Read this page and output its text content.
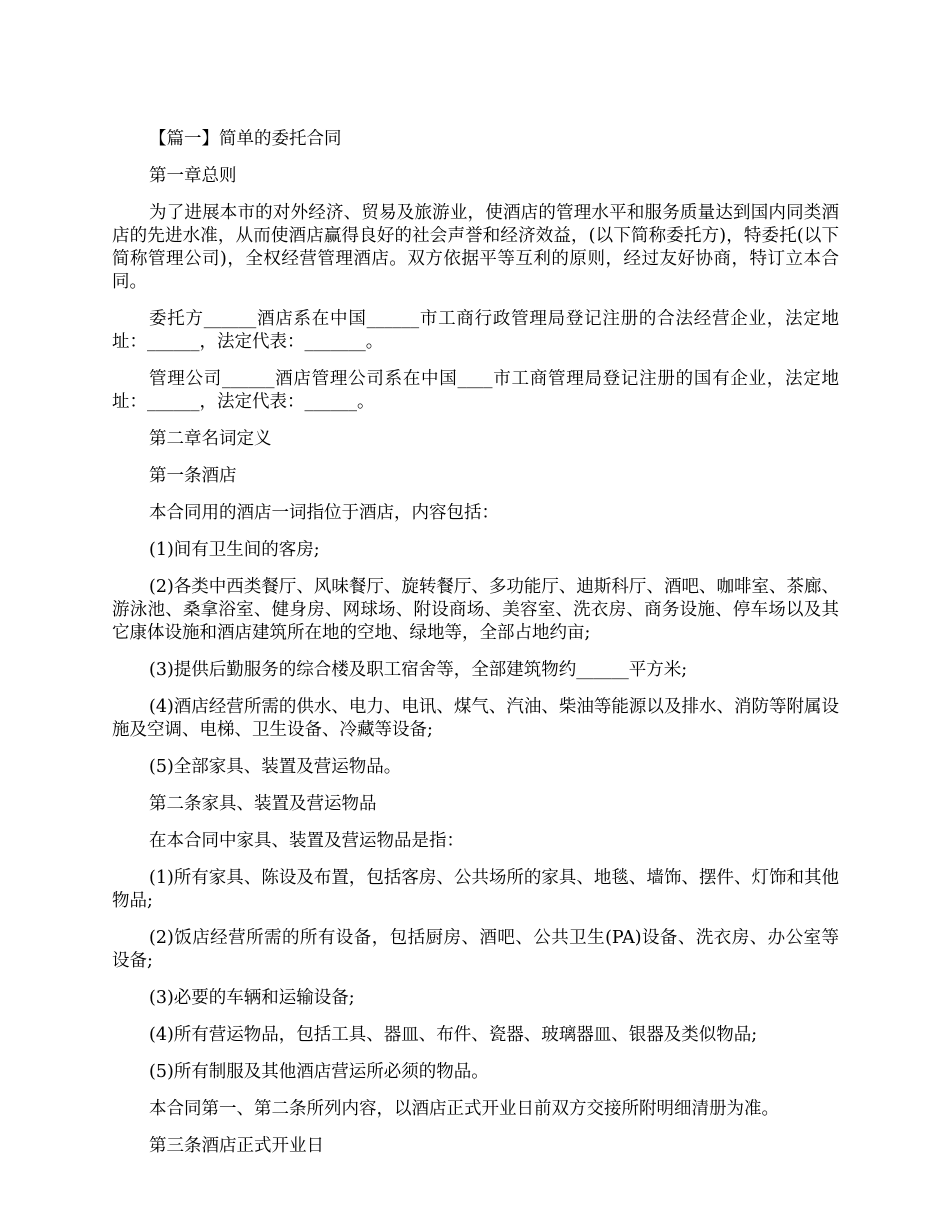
【篇一】简单的委托合同

第一章总则

为了进展本市的对外经济、贸易及旅游业，使酒店的管理水平和服务质量达到国内同类酒店的先进水准，从而使酒店赢得良好的社会声誉和经济效益，(以下简称委托方)，特委托(以下简称管理公司)，全权经营管理酒店。双方依据平等互利的原则，经过友好协商，特订立本合同。

委托方______酒店系在中国______市工商行政管理局登记注册的合法经营企业，法定地址：______，法定代表：_______。

管理公司______酒店管理公司系在中国____市工商管理局登记注册的国有企业，法定地址：______，法定代表：______。

第二章名词定义

第一条酒店

本合同用的酒店一词指位于酒店，内容包括：

(1)间有卫生间的客房;

(2)各类中西类餐厅、风味餐厅、旋转餐厅、多功能厅、迪斯科厅、酒吧、咖啡室、茶廊、游泳池、桑拿浴室、健身房、网球场、附设商场、美容室、洗衣房、商务设施、停车场以及其它康体设施和酒店建筑所在地的空地、绿地等，全部占地约亩;

(3)提供后勤服务的综合楼及职工宿舍等，全部建筑物约______平方米;

(4)酒店经营所需的供水、电力、电讯、煤气、汽油、柴油等能源以及排水、消防等附属设施及空调、电梯、卫生设备、冷藏等设备;

(5)全部家具、装置及营运物品。

第二条家具、装置及营运物品

在本合同中家具、装置及营运物品是指：

(1)所有家具、陈设及布置，包括客房、公共场所的家具、地毯、墙饰、摆件、灯饰和其他物品;

(2)饭店经营所需的所有设备，包括厨房、酒吧、公共卫生(PA)设备、洗衣房、办公室等设备;

(3)必要的车辆和运输设备;

(4)所有营运物品，包括工具、器皿、布件、瓷器、玻璃器皿、银器及类似物品;

(5)所有制服及其他酒店营运所必须的物品。

本合同第一、第二条所列内容，以酒店正式开业日前双方交接所附明细清册为准。

第三条酒店正式开业日
